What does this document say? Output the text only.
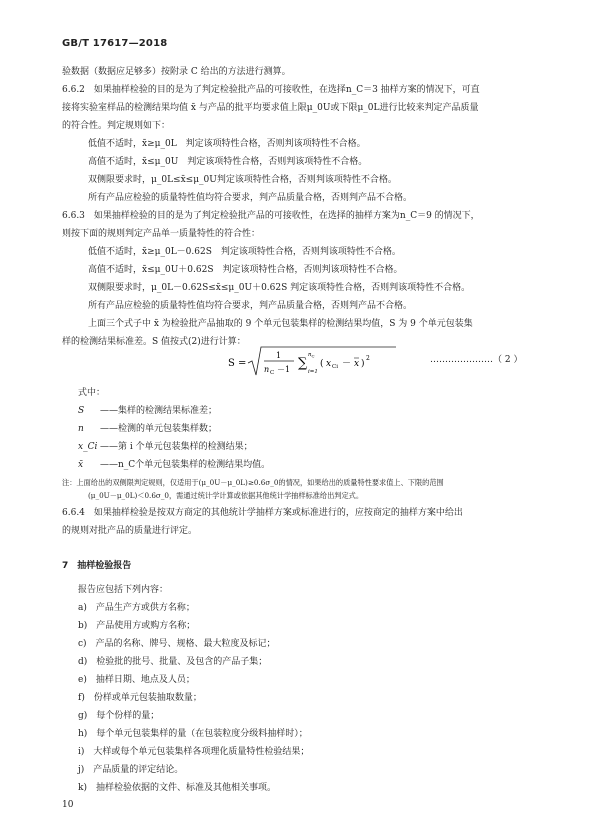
GB/T 17617—2018
验数据（数据应足够多）按附录 C 给出的方法进行测算。
6.6.2　如果抽样检验的目的是为了判定检验批产品的可接收性，在选择n_C＝3 抽样方案的情况下，可直
接将实验室样品的检测结果均值 x̄ 与产品的批平均要求值上限μ_0U或下限μ_0L进行比较来判定产品质量
的符合性。判定规则如下：
低值不适时，x̄≥μ_0L　判定该项特性合格，否则判该项特性不合格。
高值不适时，x̄≤μ_0U　判定该项特性合格，否则判该项特性不合格。
双侧限要求时，μ_0L≤x̄≤μ_0U判定该项特性合格，否则判该项特性不合格。
所有产品应检验的质量特性值均符合要求，判产品质量合格，否则判产品不合格。
6.6.3　如果抽样检验的目的是为了判定检验批产品的可接收性，在选择的抽样方案为n_C＝9 的情况下，
则按下面的规则判定产品单一质量特性的符合性：
低值不适时，x̄≥μ_0L－0.62S　判定该项特性合格，否则判该项特性不合格。
高值不适时，x̄≤μ_0U＋0.62S　判定该项特性合格，否则判该项特性不合格。
双侧限要求时，μ_0L－0.62S≤x̄≤μ_0U＋0.62S 判定该项特性合格，否则判该项特性不合格。
所有产品应检验的质量特性值均符合要求，判产品质量合格，否则判产品不合格。
上面三个式子中 x̄ 为检验批产品抽取的 9 个单元包装集样的检测结果均值，S 为 9 个单元包装集
样的检测结果标准差。S 值按式(2)进行计算：
S =
1
n C －1 ∑
n C
i=1
( x Ci － x )
2	…………………（ 2 ）
式中：
S ——集样的检测结果标准差；
n ——检测的单元包装集样数；
x_Ci ——第 i 个单元包装集样的检测结果；
x̄ ——n_C个单元包装集样的检测结果均值。
注：上面给出的双侧限判定规则，仅适用于(μ_0U－μ_0L)≥0.6σ_0的情况，如果给出的质量特性要求值上、下限的范围
(μ_0U－μ_0L)＜0.6σ_0，需通过统计学计算或依据其他统计学抽样标准给出判定式。
6.6.4　如果抽样检验是按双方商定的其他统计学抽样方案或标准进行的，应按商定的抽样方案中给出
的规则对批产品的质量进行评定。
7　抽样检验报告
报告应包括下列内容：
a)　产品生产方或供方名称；
b)　产品使用方或购方名称；
c)　产品的名称、牌号、规格、最大粒度及标记；
d)　检验批的批号、批量、及包含的产品子集；
e)　抽样日期、地点及人员；
f)　份样或单元包装抽取数量；
g)　每个份样的量；
h)　每个单元包装集样的量（在包装粒度分级料抽样时）；
i)　大样或每个单元包装集样各项理化质量特性检验结果；
j)　产品质量的评定结论。
k)　抽样检验依据的文件、标准及其他相关事项。
10
